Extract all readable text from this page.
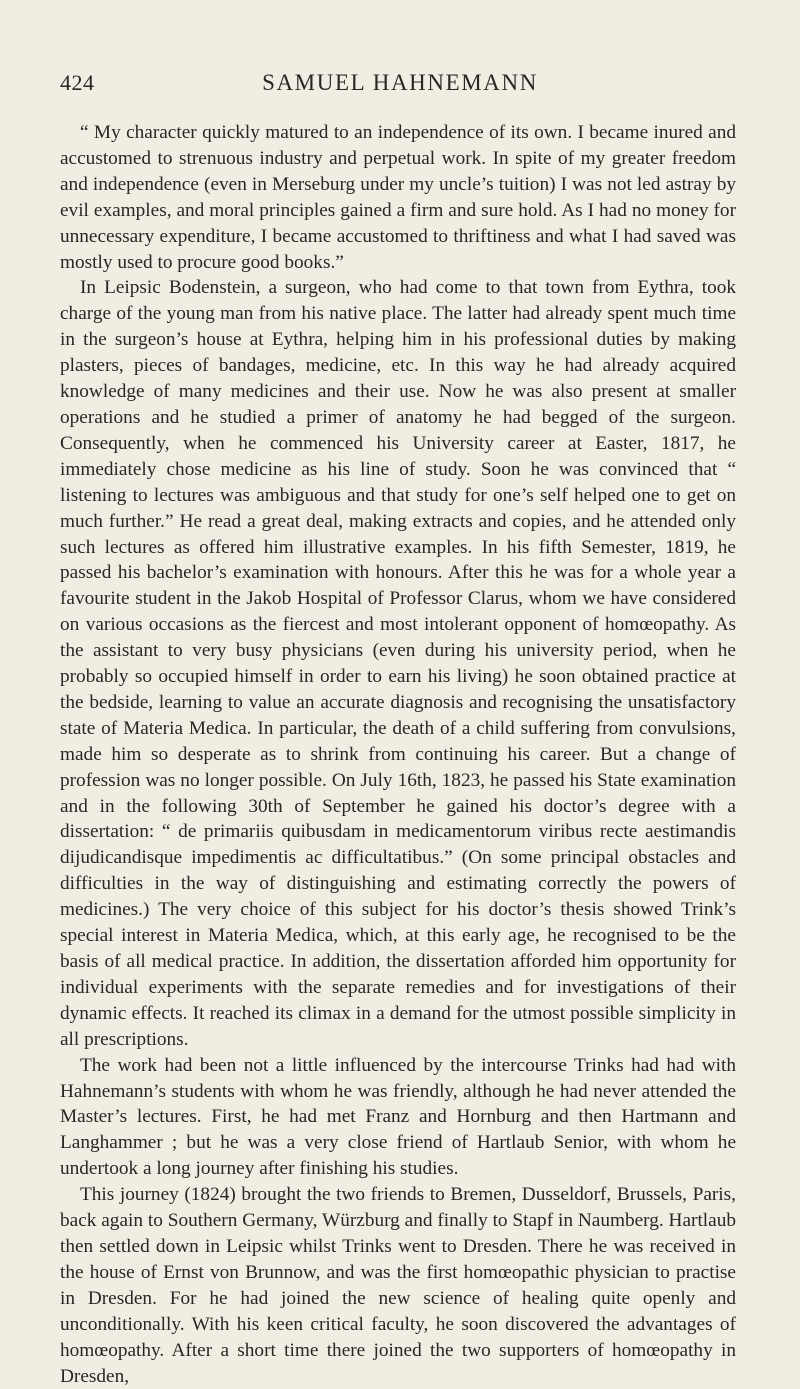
424	SAMUEL HAHNEMANN

“ My character quickly matured to an independence of its own. I became inured and accustomed to strenuous industry and perpetual work. In spite of my greater freedom and independence (even in Merseburg under my uncle’s tuition) I was not led astray by evil examples, and moral principles gained a firm and sure hold. As I had no money for unnecessary expenditure, I became accustomed to thriftiness and what I had saved was mostly used to procure good books.”

In Leipsic Bodenstein, a surgeon, who had come to that town from Eythra, took charge of the young man from his native place. The latter had already spent much time in the surgeon’s house at Eythra, helping him in his professional duties by making plasters, pieces of bandages, medicine, etc. In this way he had already acquired knowledge of many medicines and their use. Now he was also present at smaller operations and he studied a primer of anatomy he had begged of the surgeon. Consequently, when he commenced his University career at Easter, 1817, he immediately chose medicine as his line of study. Soon he was convinced that “ listening to lectures was ambiguous and that study for one’s self helped one to get on much further.” He read a great deal, making extracts and copies, and he attended only such lectures as offered him illustrative examples. In his fifth Semester, 1819, he passed his bachelor’s examination with honours. After this he was for a whole year a favourite student in the Jakob Hospital of Professor Clarus, whom we have considered on various occasions as the fiercest and most intolerant opponent of homœopathy. As the assistant to very busy physicians (even during his university period, when he probably so occupied himself in order to earn his living) he soon obtained practice at the bedside, learning to value an accurate diagnosis and recognising the unsatisfactory state of Materia Medica. In particular, the death of a child suffering from convulsions, made him so desperate as to shrink from continuing his career. But a change of profession was no longer possible. On July 16th, 1823, he passed his State examination and in the following 30th of September he gained his doctor’s degree with a dissertation: “ de primariis quibusdam in medicamentorum viribus recte aestimandis dijudicandisque impedimentis ac difficultatibus.” (On some principal obstacles and difficulties in the way of distinguishing and estimating correctly the powers of medicines.) The very choice of this subject for his doctor’s thesis showed Trink’s special interest in Materia Medica, which, at this early age, he recognised to be the basis of all medical practice. In addition, the dissertation afforded him opportunity for individual experiments with the separate remedies and for investigations of their dynamic effects. It reached its climax in a demand for the utmost possible simplicity in all prescriptions.

The work had been not a little influenced by the intercourse Trinks had had with Hahnemann’s students with whom he was friendly, although he had never attended the Master’s lectures. First, he had met Franz and Hornburg and then Hartmann and Langhammer ; but he was a very close friend of Hartlaub Senior, with whom he undertook a long journey after finishing his studies.

This journey (1824) brought the two friends to Bremen, Dusseldorf, Brussels, Paris, back again to Southern Germany, Würzburg and finally to Stapf in Naumberg. Hartlaub then settled down in Leipsic whilst Trinks went to Dresden. There he was received in the house of Ernst von Brunnow, and was the first homœopathic physician to practise in Dresden. For he had joined the new science of healing quite openly and unconditionally. With his keen critical faculty, he soon discovered the advantages of homœopathy. After a short time there joined the two supporters of homœopathy in Dresden,
